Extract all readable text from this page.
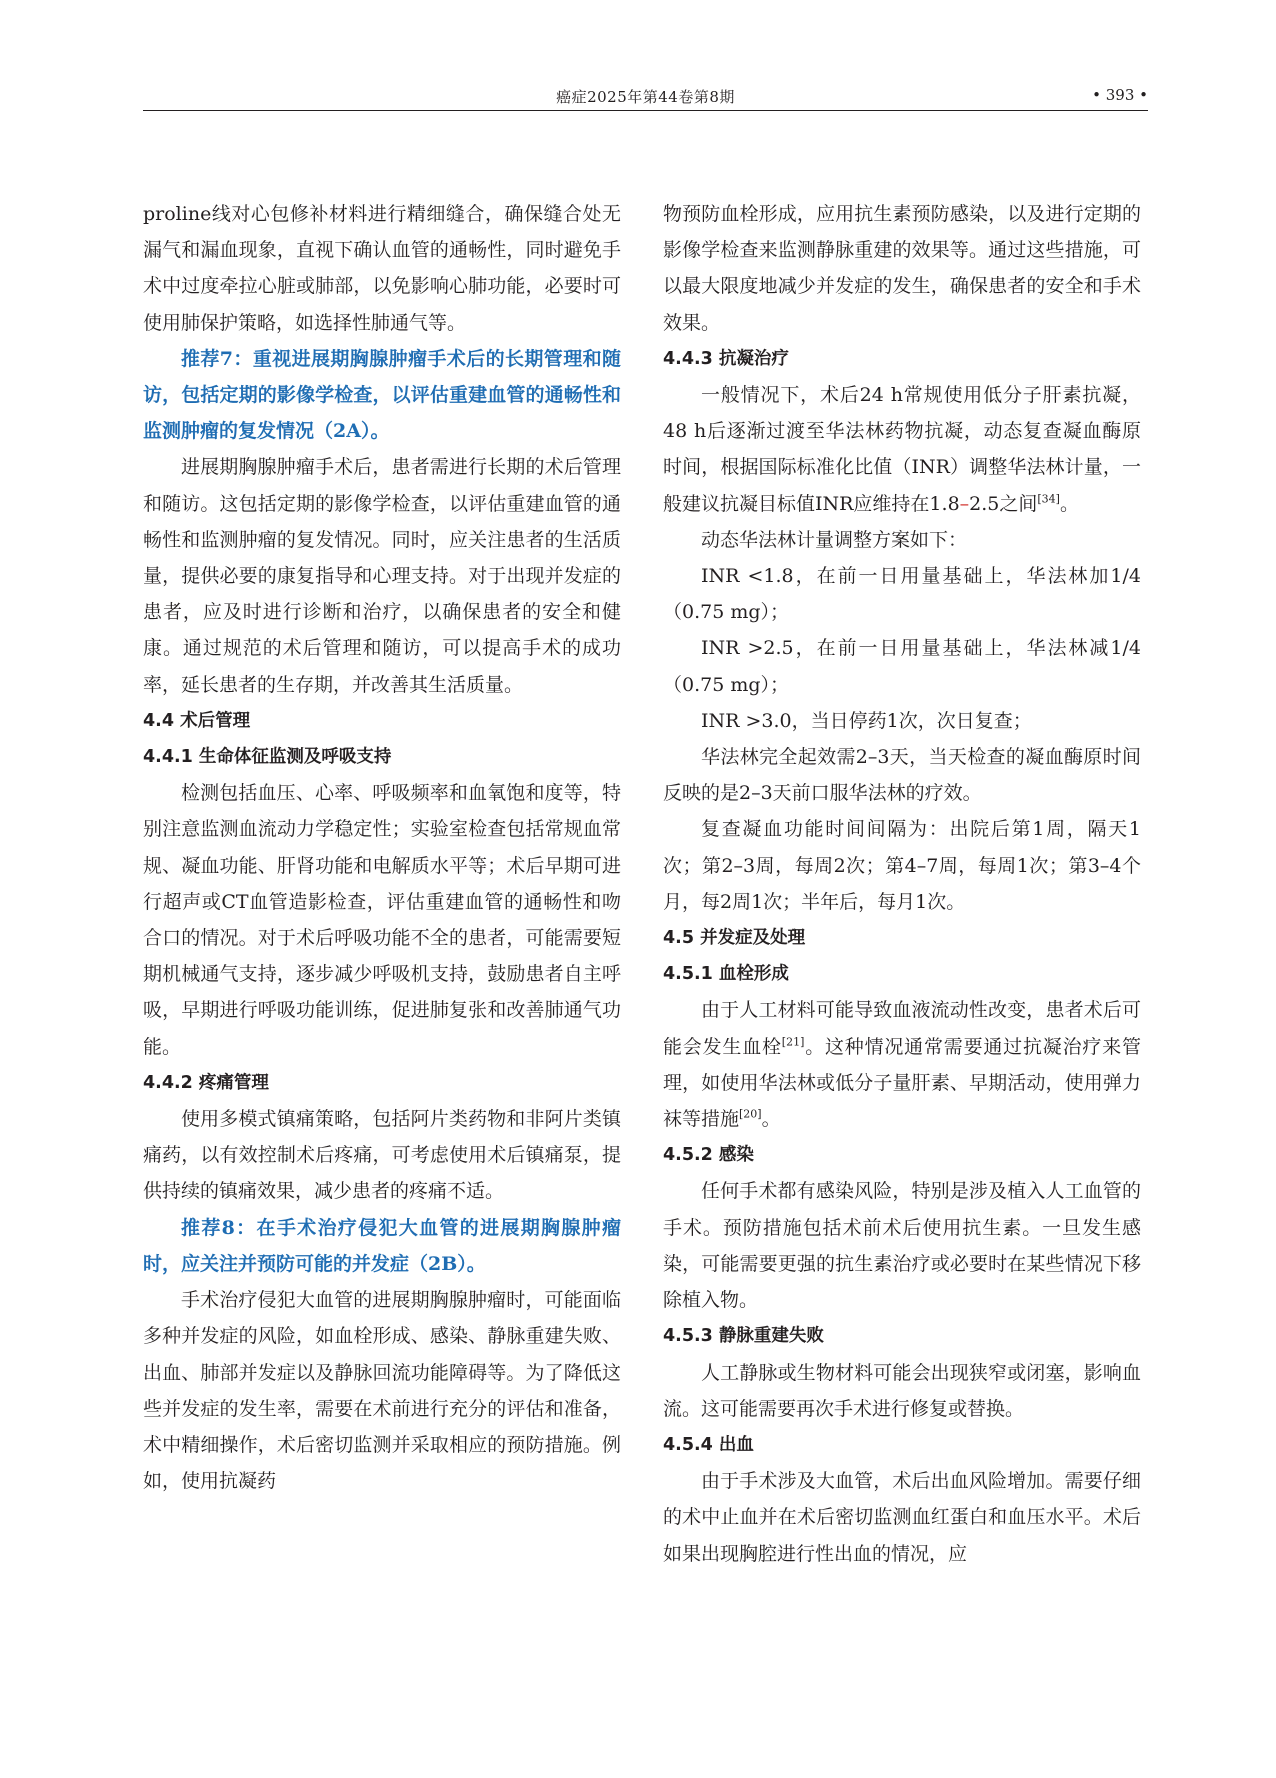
癌症2025年第44卷第8期	• 393 •

proline线对心包修补材料进行精细缝合，确保缝合处无漏气和漏血现象，直视下确认血管的通畅性，同时避免手术中过度牵拉心脏或肺部，以免影响心肺功能，必要时可使用肺保护策略，如选择性肺通气等。

推荐7：重视进展期胸腺肿瘤手术后的长期管理和随访，包括定期的影像学检查，以评估重建血管的通畅性和监测肿瘤的复发情况（2A）。

进展期胸腺肿瘤手术后，患者需进行长期的术后管理和随访。这包括定期的影像学检查，以评估重建血管的通畅性和监测肿瘤的复发情况。同时，应关注患者的生活质量，提供必要的康复指导和心理支持。对于出现并发症的患者，应及时进行诊断和治疗，以确保患者的安全和健康。通过规范的术后管理和随访，可以提高手术的成功率，延长患者的生存期，并改善其生活质量。

4.4 术后管理
4.4.1 生命体征监测及呼吸支持

检测包括血压、心率、呼吸频率和血氧饱和度等，特别注意监测血流动力学稳定性；实验室检查包括常规血常规、凝血功能、肝肾功能和电解质水平等；术后早期可进行超声或CT血管造影检查，评估重建血管的通畅性和吻合口的情况。对于术后呼吸功能不全的患者，可能需要短期机械通气支持，逐步减少呼吸机支持，鼓励患者自主呼吸，早期进行呼吸功能训练，促进肺复张和改善肺通气功能。

4.4.2 疼痛管理

使用多模式镇痛策略，包括阿片类药物和非阿片类镇痛药，以有效控制术后疼痛，可考虑使用术后镇痛泵，提供持续的镇痛效果，减少患者的疼痛不适。

推荐8：在手术治疗侵犯大血管的进展期胸腺肿瘤时，应关注并预防可能的并发症（2B）。

手术治疗侵犯大血管的进展期胸腺肿瘤时，可能面临多种并发症的风险，如血栓形成、感染、静脉重建失败、出血、肺部并发症以及静脉回流功能障碍等。为了降低这些并发症的发生率，需要在术前进行充分的评估和准备，术中精细操作，术后密切监测并采取相应的预防措施。例如，使用抗凝药

物预防血栓形成，应用抗生素预防感染，以及进行定期的影像学检查来监测静脉重建的效果等。通过这些措施，可以最大限度地减少并发症的发生，确保患者的安全和手术效果。

4.4.3 抗凝治疗

一般情况下，术后24 h常规使用低分子肝素抗凝，48 h后逐渐过渡至华法林药物抗凝，动态复查凝血酶原时间，根据国际标准化比值（INR）调整华法林计量，一般建议抗凝目标值INR应维持在1.8–2.5之间[34]。

动态华法林计量调整方案如下：

INR <1.8，在前一日用量基础上，华法林加1/4（0.75 mg）；

INR >2.5，在前一日用量基础上，华法林减1/4（0.75 mg）；

INR >3.0，当日停药1次，次日复查；

华法林完全起效需2–3天，当天检查的凝血酶原时间反映的是2–3天前口服华法林的疗效。

复查凝血功能时间间隔为：出院后第1周，隔天1次；第2–3周，每周2次；第4–7周，每周1次；第3–4个月，每2周1次；半年后，每月1次。

4.5 并发症及处理
4.5.1 血栓形成

由于人工材料可能导致血液流动性改变，患者术后可能会发生血栓[21]。这种情况通常需要通过抗凝治疗来管理，如使用华法林或低分子量肝素、早期活动，使用弹力袜等措施[20]。

4.5.2 感染

任何手术都有感染风险，特别是涉及植入人工血管的手术。预防措施包括术前术后使用抗生素。一旦发生感染，可能需要更强的抗生素治疗或必要时在某些情况下移除植入物。

4.5.3 静脉重建失败

人工静脉或生物材料可能会出现狭窄或闭塞，影响血流。这可能需要再次手术进行修复或替换。

4.5.4 出血

由于手术涉及大血管，术后出血风险增加。需要仔细的术中止血并在术后密切监测血红蛋白和血压水平。术后如果出现胸腔进行性出血的情况，应
